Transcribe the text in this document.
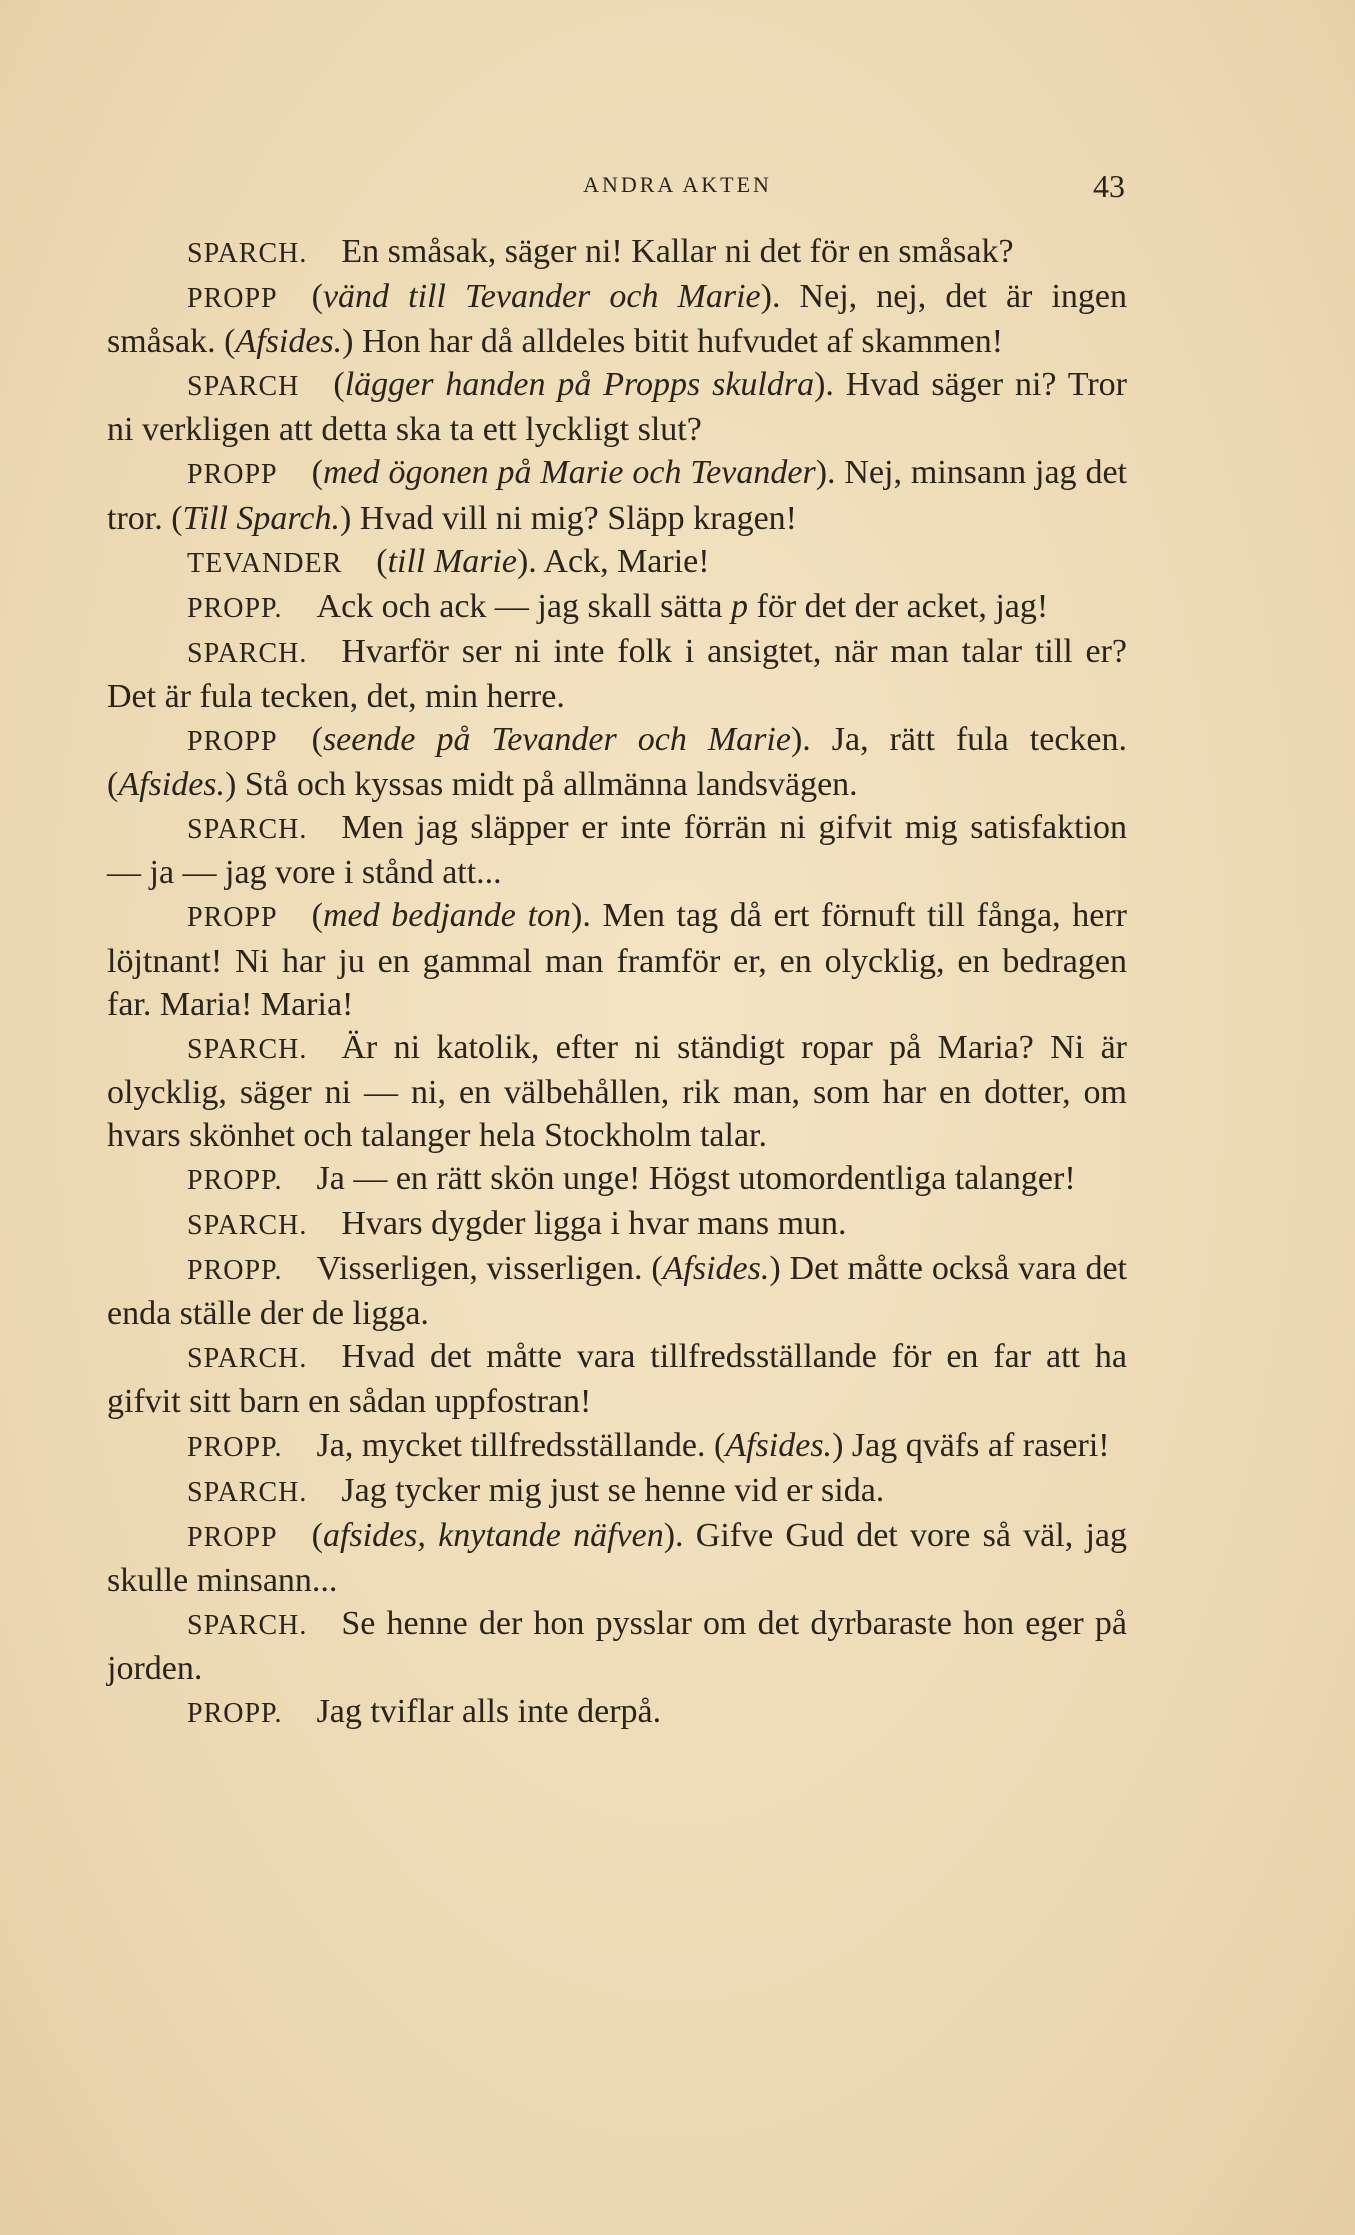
ANDRA AKTEN	43

SPARCH.  En småsak, säger ni! Kallar ni det för en småsak?

PROPP  (vänd till Tevander och Marie). Nej, nej, det är ingen småsak. (Afsides.) Hon har då alldeles bitit hufvudet af skammen!

SPARCH  (lägger handen på Propps skuldra). Hvad säger ni? Tror ni verkligen att detta ska ta ett lyckligt slut?

PROPP  (med ögonen på Marie och Tevander). Nej, minsann jag det tror. (Till Sparch.) Hvad vill ni mig? Släpp kragen!

TEVANDER  (till Marie). Ack, Marie!

PROPP.  Ack och ack — jag skall sätta p för det der acket, jag!

SPARCH.  Hvarför ser ni inte folk i ansigtet, när man talar till er? Det är fula tecken, det, min herre.

PROPP  (seende på Tevander och Marie). Ja, rätt fula tecken. (Afsides.) Stå och kyssas midt på allmänna landsvägen.

SPARCH.  Men jag släpper er inte förrän ni gifvit mig satisfaktion — ja — jag vore i stånd att...

PROPP  (med bedjande ton). Men tag då ert förnuft till fånga, herr löjtnant! Ni har ju en gammal man framför er, en olycklig, en bedragen far. Maria! Maria!

SPARCH.  Är ni katolik, efter ni ständigt ropar på Maria? Ni är olycklig, säger ni — ni, en välbehållen, rik man, som har en dotter, om hvars skönhet och talanger hela Stockholm talar.

PROPP.  Ja — en rätt skön unge! Högst utomordentliga talanger!

SPARCH.  Hvars dygder ligga i hvar mans mun.

PROPP.  Visserligen, visserligen. (Afsides.) Det måtte också vara det enda ställe der de ligga.

SPARCH.  Hvad det måtte vara tillfredsställande för en far att ha gifvit sitt barn en sådan uppfostran!

PROPP.  Ja, mycket tillfredsställande. (Afsides.) Jag qväfs af raseri!

SPARCH.  Jag tycker mig just se henne vid er sida.

PROPP  (afsides, knytande näfven). Gifve Gud det vore så väl, jag skulle minsann...

SPARCH.  Se henne der hon pysslar om det dyrbaraste hon eger på jorden.

PROPP.  Jag tviflar alls inte derpå.
